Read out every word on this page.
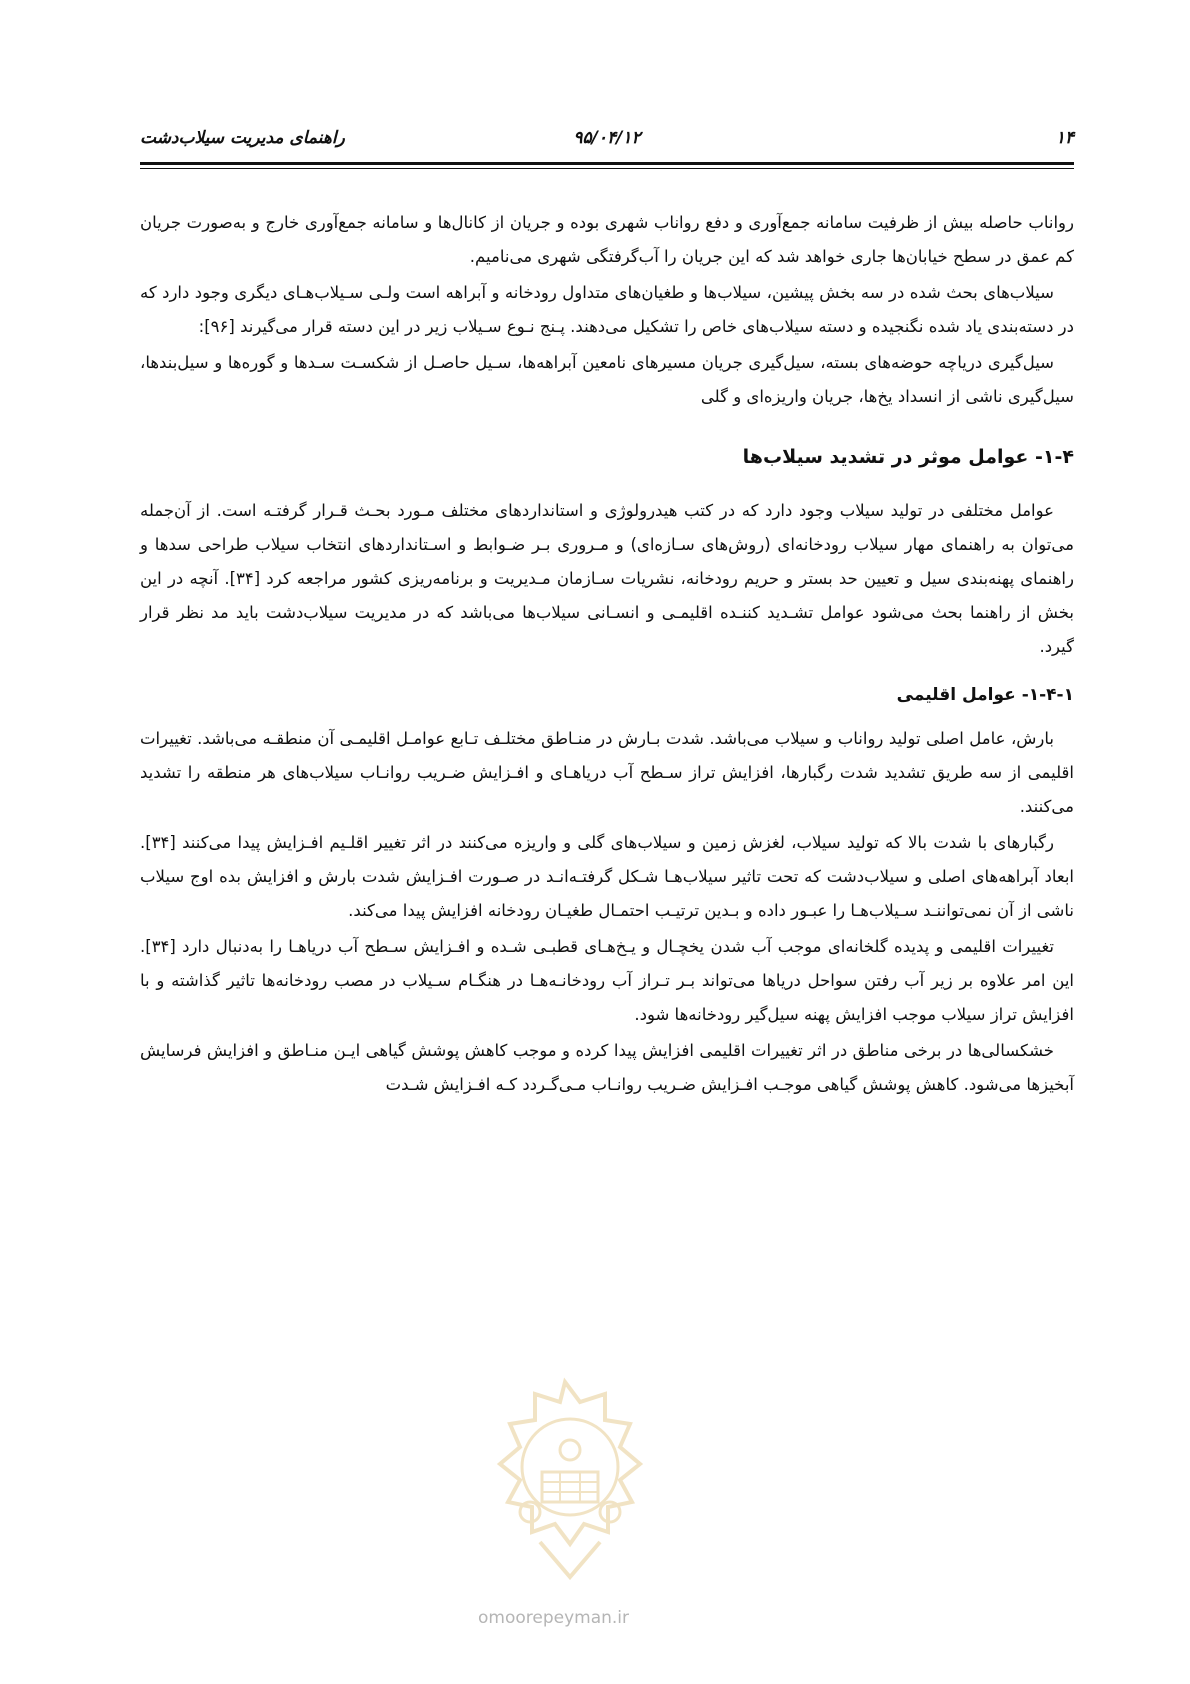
۱۴
۹۵/۰۴/۱۲
راهنمای مدیریت سیلاب‌دشت

رواناب حاصله بیش از ظرفیت سامانه جمع‌آوری و دفع رواناب شهری بوده و جریان از کانال‌ها و سامانه جمع‌آوری خارج و به‌صورت جریان کم عمق در سطح خیابان‌ها جاری خواهد شد که این جریان را آب‌گرفتگی شهری می‌نامیم.

سیلاب‌های بحث شده در سه بخش پیشین، سیلاب‌ها و طغیان‌های متداول رودخانه و آبراهه است ولـی سـیلاب‌هـای دیگری وجود دارد که در دسته‌بندی یاد شده نگنجیده و دسته سیلاب‌های خاص را تشکیل می‌دهند. پـنج نـوع سـیلاب زیر در این دسته قرار می‌گیرند [۹۶]:

سیل‌گیری دریاچه حوضه‌های بسته، سیل‌گیری جریان مسیرهای نامعین آبراهه‌ها، سـیل حاصـل از شکسـت سـدها و گوره‌ها و سیل‌بندها، سیل‌گیری ناشی از انسداد یخ‌ها، جریان واریزه‌ای و گلی

۱-۴- عوامل موثر در تشدید سیلاب‌ها

عوامل مختلفی در تولید سیلاب وجود دارد که در کتب هیدرولوژی و استانداردهای مختلف مـورد بحـث قـرار گرفتـه است. از آن‌جمله می‌توان به راهنمای مهار سیلاب رودخانه‌ای (روش‌های سـازه‌ای) و مـروری بـر ضـوابط و اسـتانداردهای انتخاب سیلاب طراحی سدها و راهنمای پهنه‌بندی سیل و تعیین حد بستر و حریم رودخانه، نشریات سـازمان مـدیریت و برنامه‌ریزی کشور مراجعه کرد [۳۴]. آنچه در این بخش از راهنما بحث می‌شود عوامل تشـدید کننـده اقلیمـی و انسـانی سیلاب‌ها می‌باشد که در مدیریت سیلاب‌دشت باید مد نظر قرار گیرد.

۱-۴-۱- عوامل اقلیمی

بارش، عامل اصلی تولید رواناب و سیلاب می‌باشد. شدت بـارش در منـاطق مختلـف تـابع عوامـل اقلیمـی آن منطقـه می‌باشد. تغییرات اقلیمی از سه طریق تشدید شدت رگبارها، افزایش تراز سـطح آب دریاهـای و افـزایش ضـریب روانـاب سیلاب‌های هر منطقه را تشدید می‌کنند.

رگبارهای با شدت بالا که تولید سیلاب، لغزش زمین و سیلاب‌های گلی و واریزه می‌کنند در اثر تغییر اقلـیم افـزایش پیدا می‌کنند [۳۴]. ابعاد آبراهه‌های اصلی و سیلاب‌دشت که تحت تاثیر سیلاب‌هـا شـکل گرفتـه‌انـد در صـورت افـزایش شدت بارش و افزایش بده اوج سیلاب ناشی از آن نمی‌تواننـد سـیلاب‌هـا را عبـور داده و بـدین ترتیـب احتمـال طغیـان رودخانه افزایش پیدا می‌کند.

تغییرات اقلیمی و پدیده گلخانه‌ای موجب آب شدن یخچـال و یـخ‌هـای قطبـی شـده و افـزایش سـطح آب دریاهـا را به‌دنبال دارد [۳۴]. این امر علاوه بر زیر آب رفتن سواحل دریاها می‌تواند بـر تـراز آب رودخانـه‌هـا در هنگـام سـیلاب در مصب رودخانه‌ها تاثیر گذاشته و با افزایش تراز سیلاب موجب افزایش پهنه سیل‌گیر رودخانه‌ها شود.

خشکسالی‌ها در برخی مناطق در اثر تغییرات اقلیمی افزایش پیدا کرده و موجب کاهش پوشش گیاهی ایـن منـاطق و افزایش فرسایش آبخیزها می‌شود. کاهش پوشش گیاهی موجـب افـزایش ضـریب روانـاب مـی‌گـردد کـه افـزایش شـدت

omoorepeyman.ir
